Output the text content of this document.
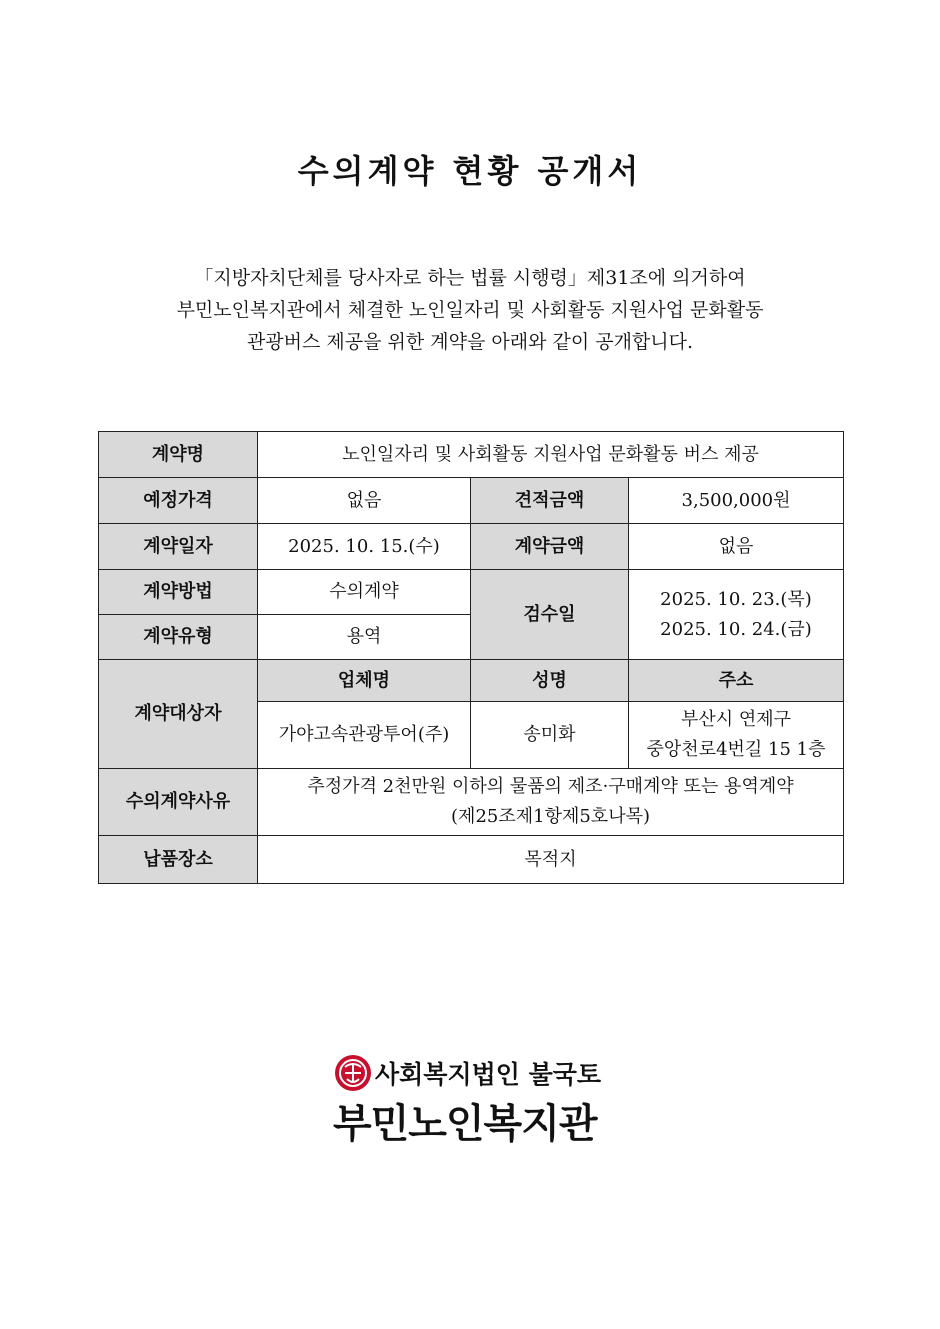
수의계약 현황 공개서
「지방자치단체를 당사자로 하는 법률 시행령」제31조에 의거하여
부민노인복지관에서 체결한 노인일자리 및 사회활동 지원사업 문화활동
관광버스 제공을 위한 계약을 아래와 같이 공개합니다.
계약명	노인일자리 및 사회활동 지원사업 문화활동 버스 제공		
예정가격	없음	견적금액	3,500,000원
계약일자	2025. 10. 15.(수)	계약금액	없음
계약방법	수의계약	검수일	2025. 10. 23.(목)
2025. 10. 24.(금)

계약유형	용역		
계약대상자	업체명	성명	주소
	가야고속관광투어(주)	송미화	부산시 연제구
중앙천로4번길 15 1층

수의계약사유	추정가격 2천만원 이하의 물품의 제조·구매계약 또는 용역계약
(제25조제1항제5호나목)		

납품장소	목적지		
사회복지법인 불국토
부민노인복지관
